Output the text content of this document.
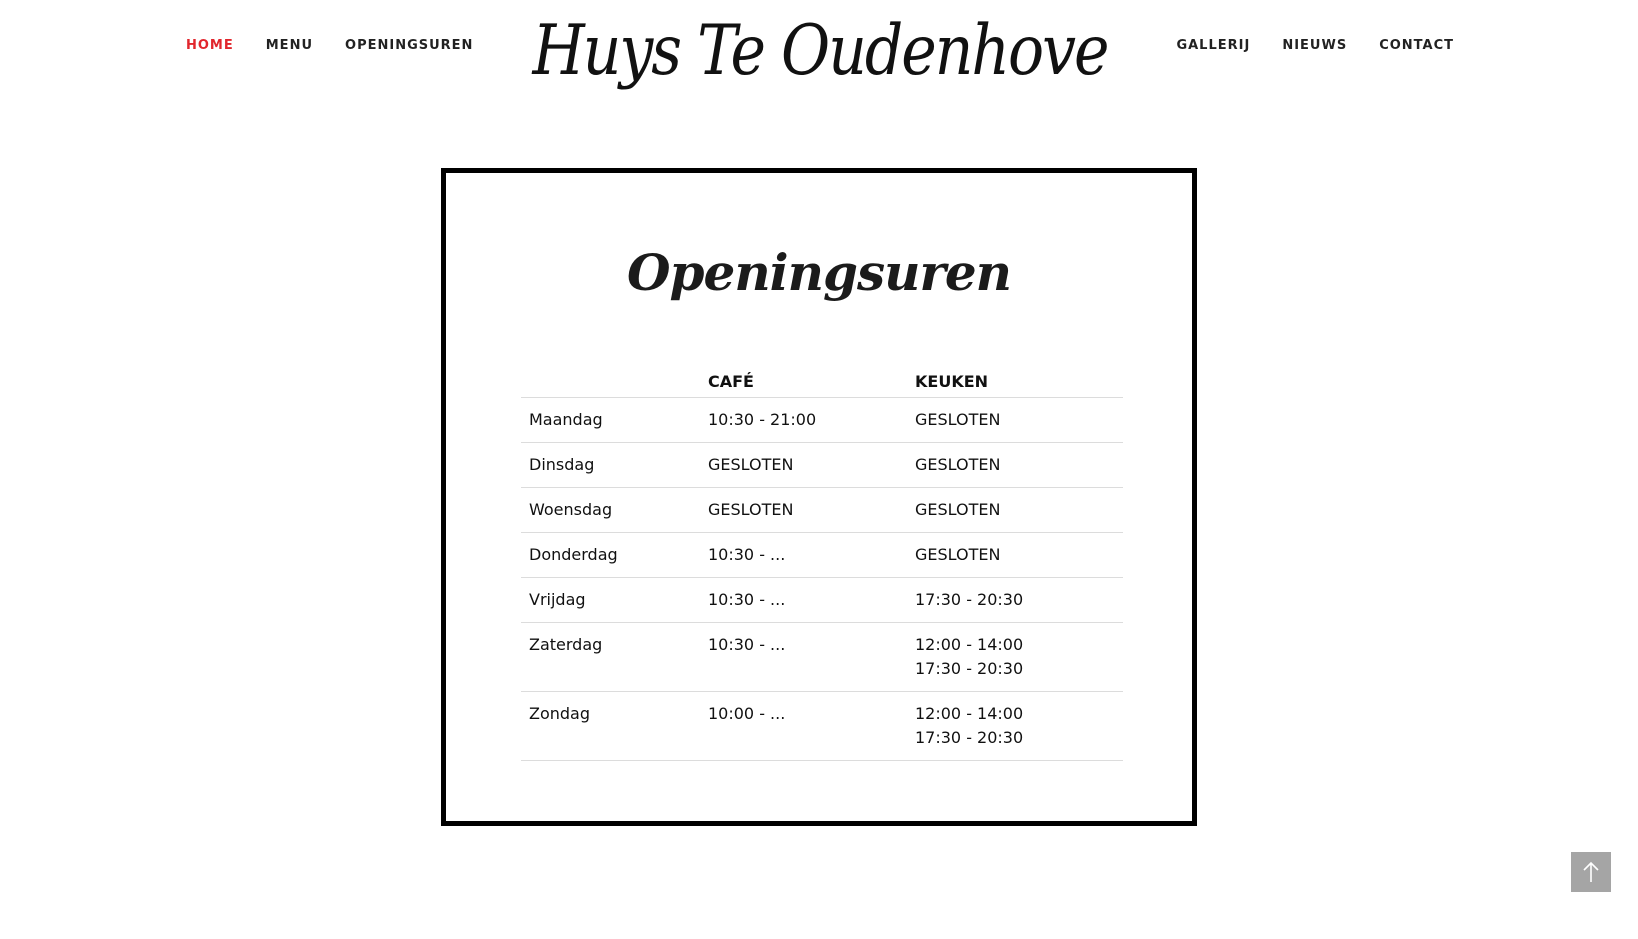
HOME MENU OPENINGSUREN Huys Te Oudenhove	GALLERIJ NIEUWS CONTACT
Openingsuren
	CAFÉ	KEUKEN
Maandag	10:30 - 21:00	GESLOTEN

Dinsdag	GESLOTEN	GESLOTEN

Woensdag	GESLOTEN	GESLOTEN

Donderdag	10:30 - ...	GESLOTEN

Vrijdag	10:30 - ...	17:30 - 20:30

Zaterdag	10:30 - ...	12:00 - 14:00
17:30 - 20:30

Zondag	10:00 - ...	12:00 - 14:00
17:30 - 20:30
